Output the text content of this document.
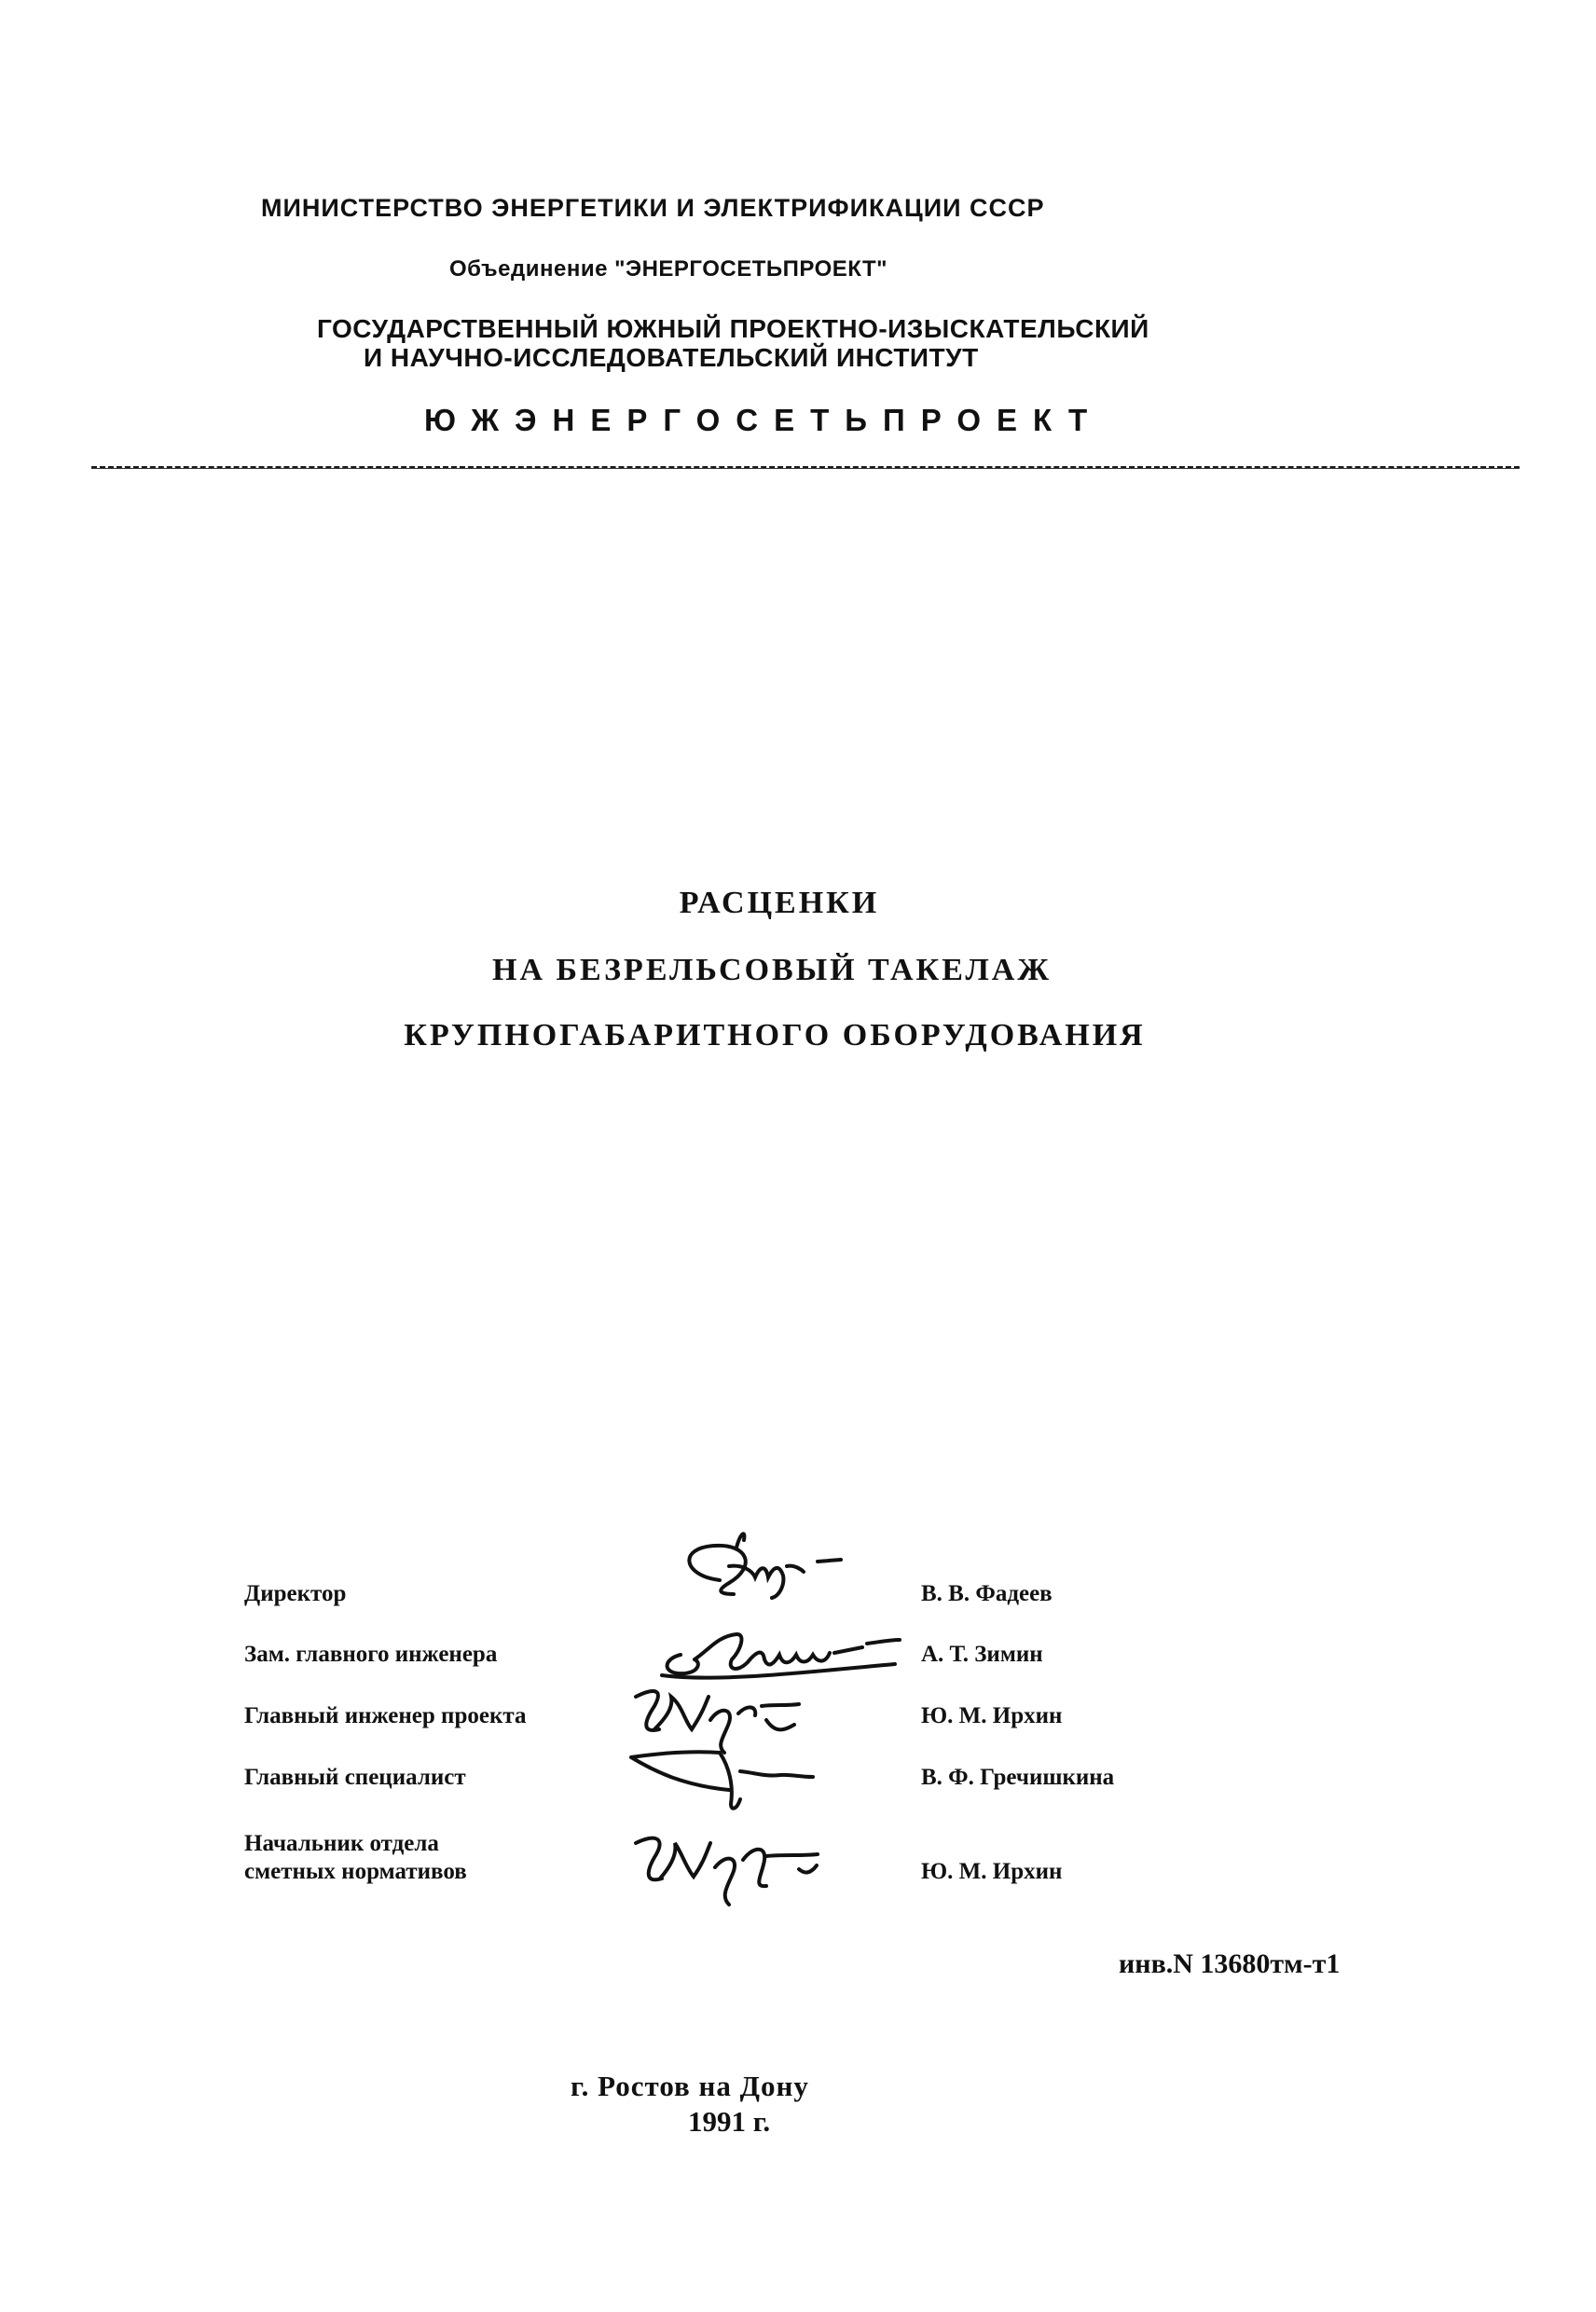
МИНИСТЕРСТВО ЭНЕРГЕТИКИ И ЭЛЕКТРИФИКАЦИИ СССР
Объединение "ЭНЕРГОСЕТЬПРОЕКТ"
ГОСУДАРСТВЕННЫЙ ЮЖНЫЙ ПРОЕКТНО-ИЗЫСКАТЕЛЬСКИЙ
И НАУЧНО-ИССЛЕДОВАТЕЛЬСКИЙ ИНСТИТУТ
ЮЖЭНЕРГОСЕТЬПРОЕКТ
РАСЦЕНКИ
НА БЕЗРЕЛЬСОВЫЙ ТАКЕЛАЖ
КРУПНОГАБАРИТНОГО ОБОРУДОВАНИЯ
Директор	В. В. Фадеев
Зам. главного инженера	А. Т. Зимин
Главный инженер проекта	Ю. М. Ирхин
Главный специалист	В. Ф. Гречишкина
Начальник отдела
сметных нормативов	Ю. М. Ирхин
инв.N 13680тм-т1
г. Ростов на Дону
1991 г.
